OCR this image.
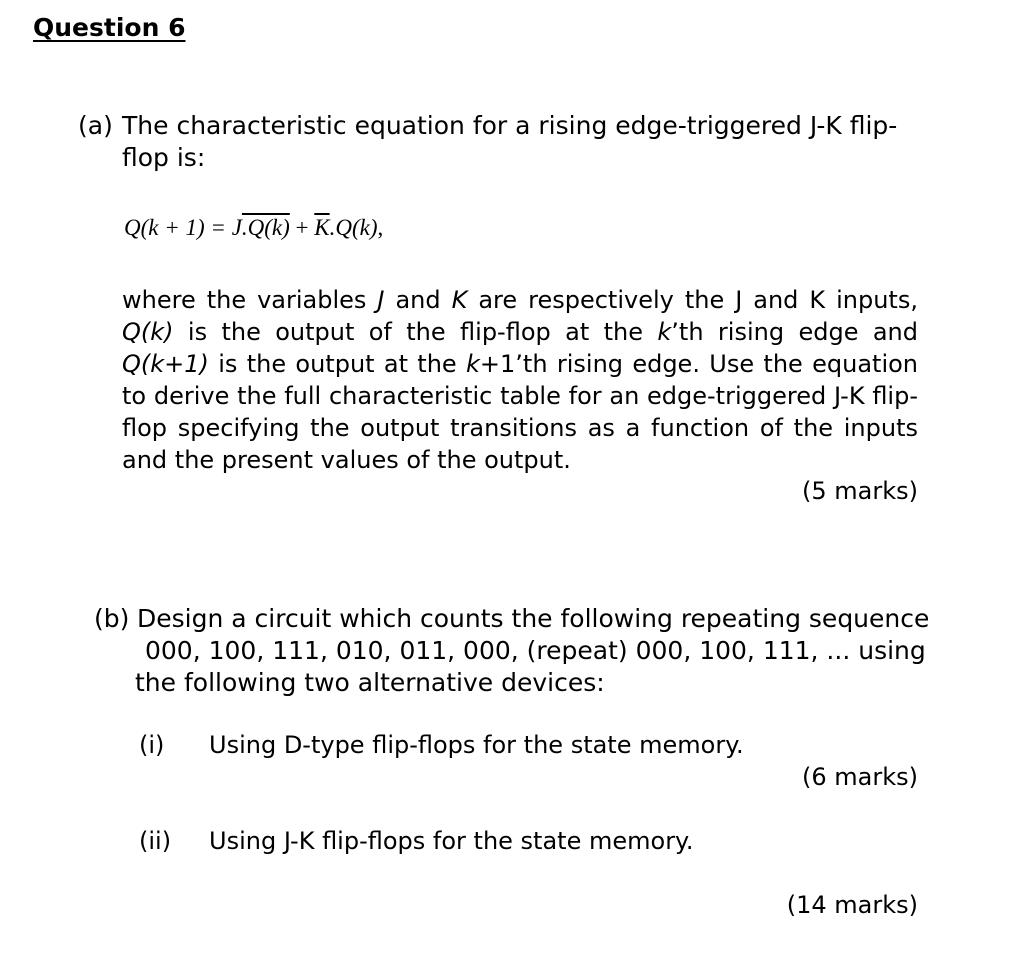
Question 6
(a) The characteristic equation for a rising edge-triggered J-K flip-
flop is:
$Q(k + 1) = J.Q(k) + \overline{K}.Q(k)$,
where the variables J and K are respectively the J and K inputs, Q(k) is the output of the flip-flop at the k’th rising edge and Q(k+1) is the output at the k+1’th rising edge. Use the equation to derive the full characteristic table for an edge-triggered J-K flip-flop specifying the output transitions as a function of the inputs and the present values of the output.
(5 marks)
(b) Design a circuit which counts the following repeating sequence
000, 100, 111, 010, 011, 000, (repeat) 000, 100, 111, ... using
the following two alternative devices:
(i) Using D-type flip-flops for the state memory.
(6 marks)
(ii) Using J-K flip-flops for the state memory.
(14 marks)
